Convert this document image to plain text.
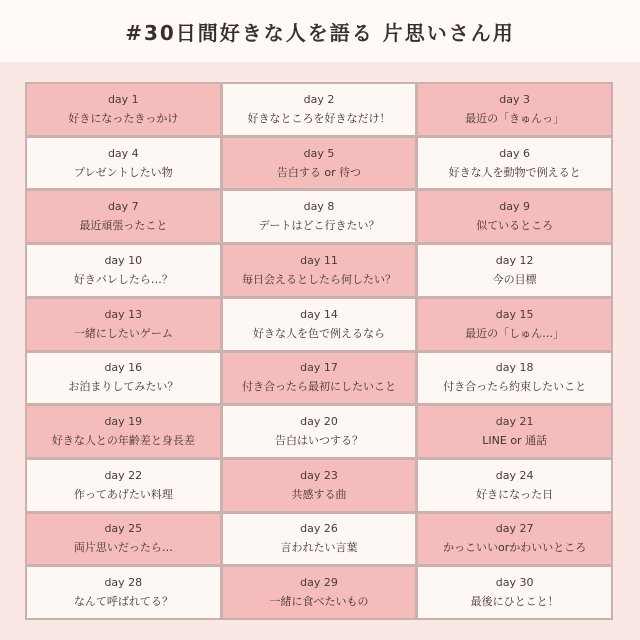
#30日間好きな人を語る 片思いさん用
day 1
好きになったきっかけ
day 2
好きなところを好きなだけ！
day 3
最近の「きゅんっ」
day 4
プレゼントしたい物
day 5
告白する or 待つ
day 6
好きな人を動物で例えると
day 7
最近頑張ったこと
day 8
デートはどこ行きたい？
day 9
似ているところ
day 10
好きバレしたら…？
day 11
毎日会えるとしたら何したい？
day 12
今の目標
day 13
一緒にしたいゲーム
day 14
好きな人を色で例えるなら
day 15
最近の「しゅん…」
day 16
お泊まりしてみたい？
day 17
付き合ったら最初にしたいこと
day 18
付き合ったら約束したいこと
day 19
好きな人との年齢差と身長差
day 20
告白はいつする？
day 21
LINE or 通話
day 22
作ってあげたい料理
day 23
共感する曲
day 24
好きになった日
day 25
両片思いだったら…
day 26
言われたい言葉
day 27
かっこいいorかわいいところ
day 28
なんて呼ばれてる？
day 29
一緒に食べたいもの
day 30
最後にひとこと！
